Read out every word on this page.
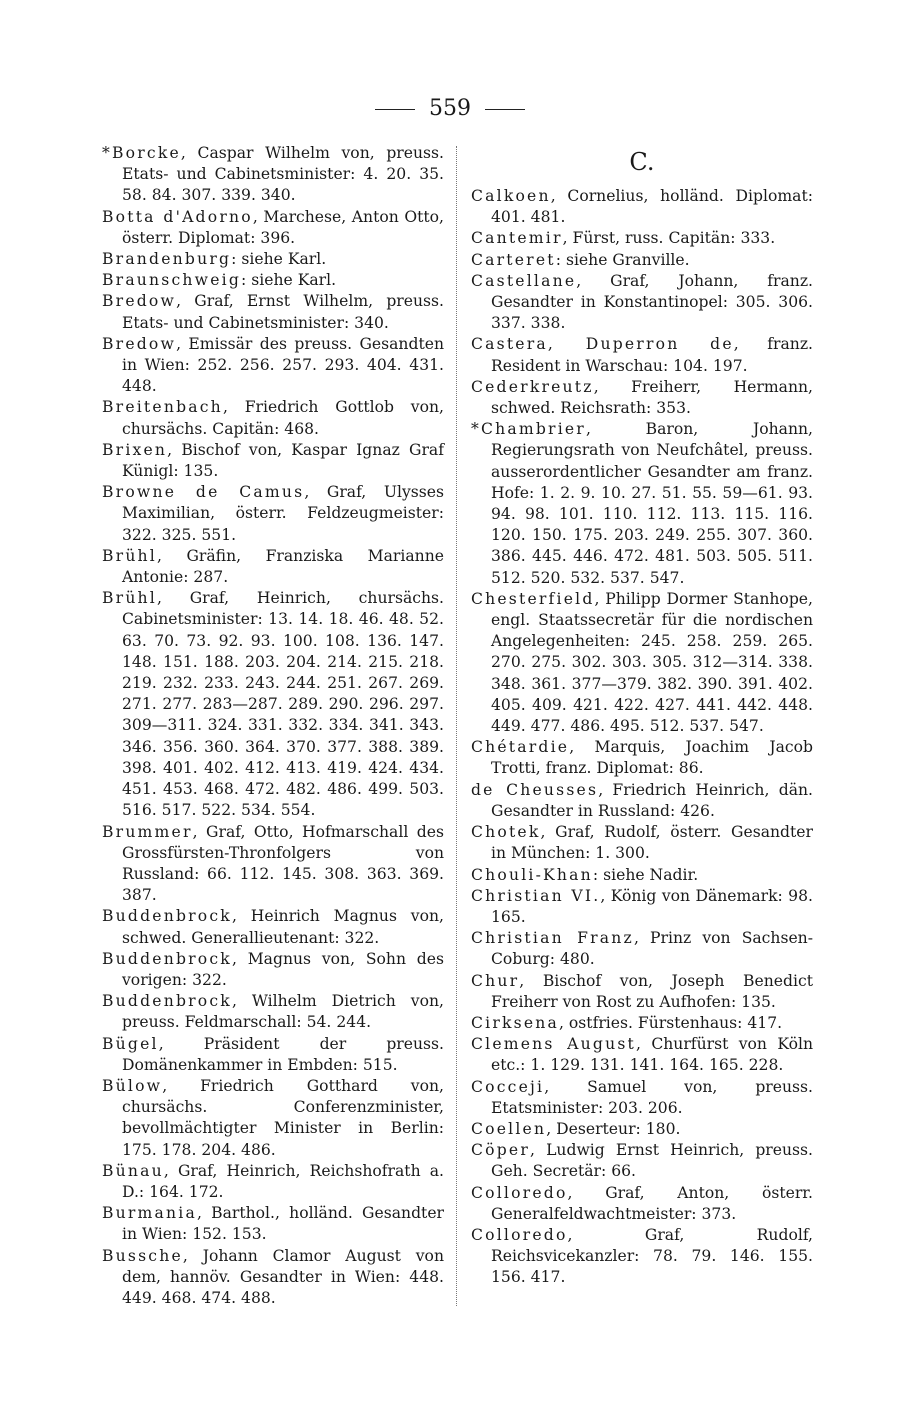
559

*Borcke, Caspar Wilhelm von, preuss. Etats- und Cabinetsminister: 4. 20. 35. 58. 84. 307. 339. 340.

Botta d'Adorno, Marchese, Anton Otto, österr. Diplomat: 396.

Brandenburg: siehe Karl.

Braunschweig: siehe Karl.

Bredow, Graf, Ernst Wilhelm, preuss. Etats- und Cabinetsminister: 340.

Bredow, Emissär des preuss. Gesandten in Wien: 252. 256. 257. 293. 404. 431. 448.

Breitenbach, Friedrich Gottlob von, chursächs. Capitän: 468.

Brixen, Bischof von, Kaspar Ignaz Graf Künigl: 135.

Browne de Camus, Graf, Ulysses Maximilian, österr. Feldzeugmeister: 322. 325. 551.

Brühl, Gräfin, Franziska Marianne Antonie: 287.

Brühl, Graf, Heinrich, chursächs. Cabinetsminister: 13. 14. 18. 46. 48. 52. 63. 70. 73. 92. 93. 100. 108. 136. 147. 148. 151. 188. 203. 204. 214. 215. 218. 219. 232. 233. 243. 244. 251. 267. 269. 271. 277. 283—287. 289. 290. 296. 297. 309—311. 324. 331. 332. 334. 341. 343. 346. 356. 360. 364. 370. 377. 388. 389. 398. 401. 402. 412. 413. 419. 424. 434. 451. 453. 468. 472. 482. 486. 499. 503. 516. 517. 522. 534. 554.

Brummer, Graf, Otto, Hofmarschall des Grossfürsten-Thronfolgers von Russland: 66. 112. 145. 308. 363. 369. 387.

Buddenbrock, Heinrich Magnus von, schwed. Generallieutenant: 322.

Buddenbrock, Magnus von, Sohn des vorigen: 322.

Buddenbrock, Wilhelm Dietrich von, preuss. Feldmarschall: 54. 244.

Bügel, Präsident der preuss. Domänenkammer in Embden: 515.

Bülow, Friedrich Gotthard von, chursächs. Conferenzminister, bevollmächtigter Minister in Berlin: 175. 178. 204. 486.

Bünau, Graf, Heinrich, Reichshofrath a. D.: 164. 172.

Burmania, Barthol., holländ. Gesandter in Wien: 152. 153.

Bussche, Johann Clamor August von dem, hannöv. Gesandter in Wien: 448. 449. 468. 474. 488.

C.

Calkoen, Cornelius, holländ. Diplomat: 401. 481.

Cantemir, Fürst, russ. Capitän: 333.

Carteret: siehe Granville.

Castellane, Graf, Johann, franz. Gesandter in Konstantinopel: 305. 306. 337. 338.

Castera, Duperron de, franz. Resident in Warschau: 104. 197.

Cederkreutz, Freiherr, Hermann, schwed. Reichsrath: 353.

*Chambrier, Baron, Johann, Regierungsrath von Neufchâtel, preuss. ausserordentlicher Gesandter am franz. Hofe: 1. 2. 9. 10. 27. 51. 55. 59—61. 93. 94. 98. 101. 110. 112. 113. 115. 116. 120. 150. 175. 203. 249. 255. 307. 360. 386. 445. 446. 472. 481. 503. 505. 511. 512. 520. 532. 537. 547.

Chesterfield, Philipp Dormer Stanhope, engl. Staatssecretär für die nordischen Angelegenheiten: 245. 258. 259. 265. 270. 275. 302. 303. 305. 312—314. 338. 348. 361. 377—379. 382. 390. 391. 402. 405. 409. 421. 422. 427. 441. 442. 448. 449. 477. 486. 495. 512. 537. 547.

Chétardie, Marquis, Joachim Jacob Trotti, franz. Diplomat: 86.

de Cheusses, Friedrich Heinrich, dän. Gesandter in Russland: 426.

Chotek, Graf, Rudolf, österr. Gesandter in München: 1. 300.

Chouli-Khan: siehe Nadir.

Christian VI., König von Dänemark: 98. 165.

Christian Franz, Prinz von Sachsen-Coburg: 480.

Chur, Bischof von, Joseph Benedict Freiherr von Rost zu Aufhofen: 135.

Cirksena, ostfries. Fürstenhaus: 417.

Clemens August, Churfürst von Köln etc.: 1. 129. 131. 141. 164. 165. 228.

Cocceji, Samuel von, preuss. Etatsminister: 203. 206.

Coellen, Deserteur: 180.

Cöper, Ludwig Ernst Heinrich, preuss. Geh. Secretär: 66.

Colloredo, Graf, Anton, österr. Generalfeldwachtmeister: 373.

Colloredo, Graf, Rudolf, Reichsvicekanzler: 78. 79. 146. 155. 156. 417.
